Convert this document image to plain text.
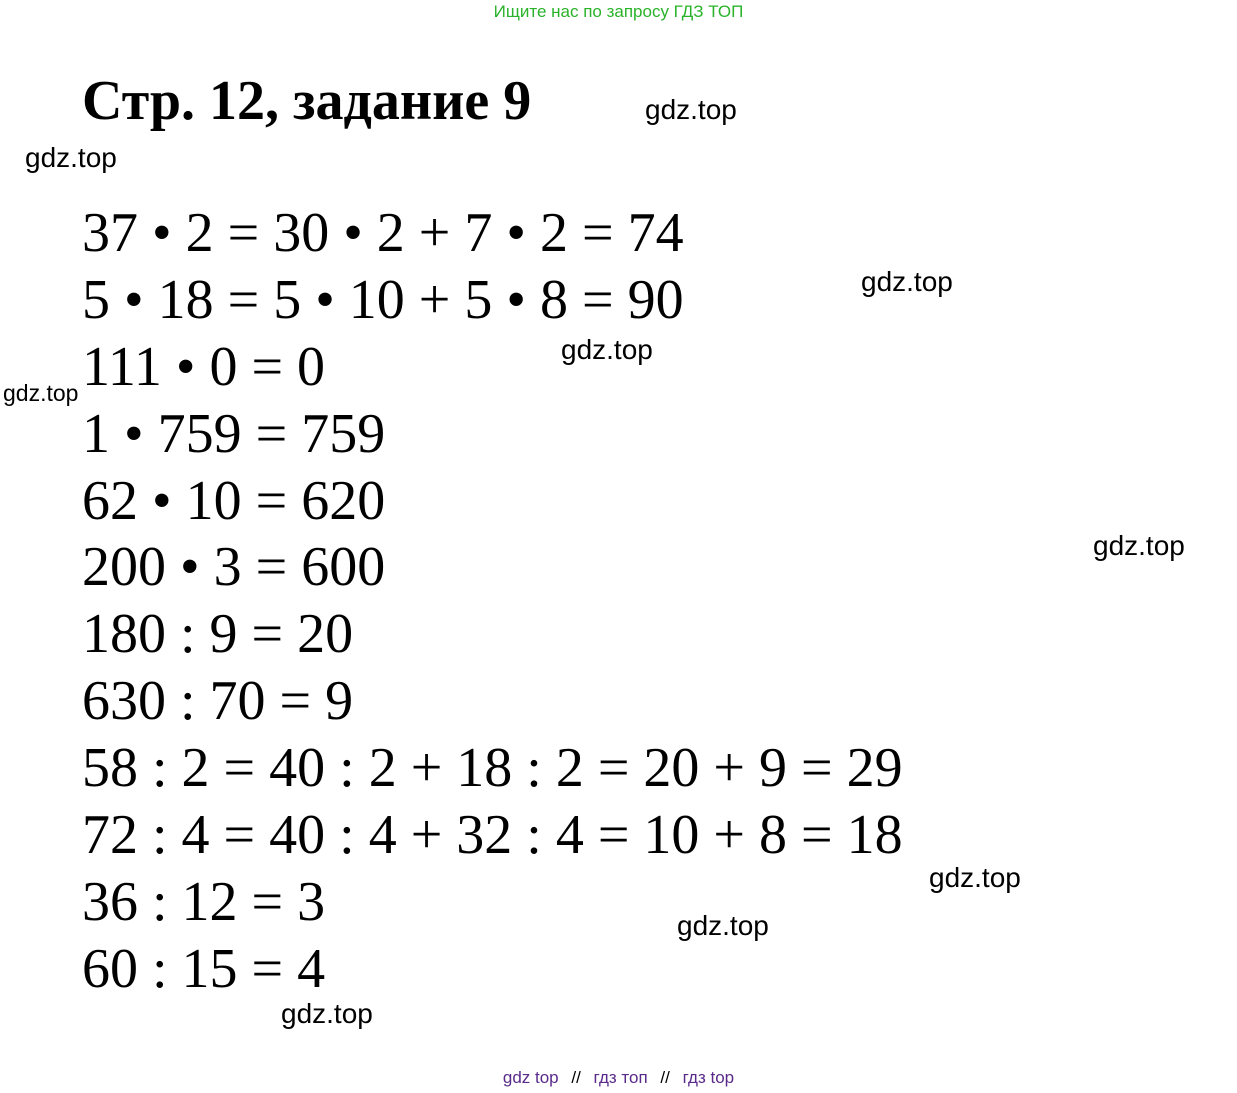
Ищите нас по запросу ГДЗ ТОП
Стр. 12, задание 9
37 • 2 = 30 • 2 + 7 • 2 = 74
5 • 18 = 5 • 10 + 5 • 8 = 90
111 • 0 = 0
1 • 759 = 759
62 • 10 = 620
200 • 3 = 600
180 : 9 = 20
630 : 70 = 9
58 : 2 = 40 : 2 + 18 : 2 = 20 + 9 = 29
72 : 4 = 40 : 4 + 32 : 4 = 10 + 8 = 18
36 : 12 = 3
60 : 15 = 4
gdz.top
gdz.top
gdz.top
gdz.top
gdz.top
gdz.top
gdz.top
gdz.top
gdz.top
gdz top // гдз топ // гдз top
